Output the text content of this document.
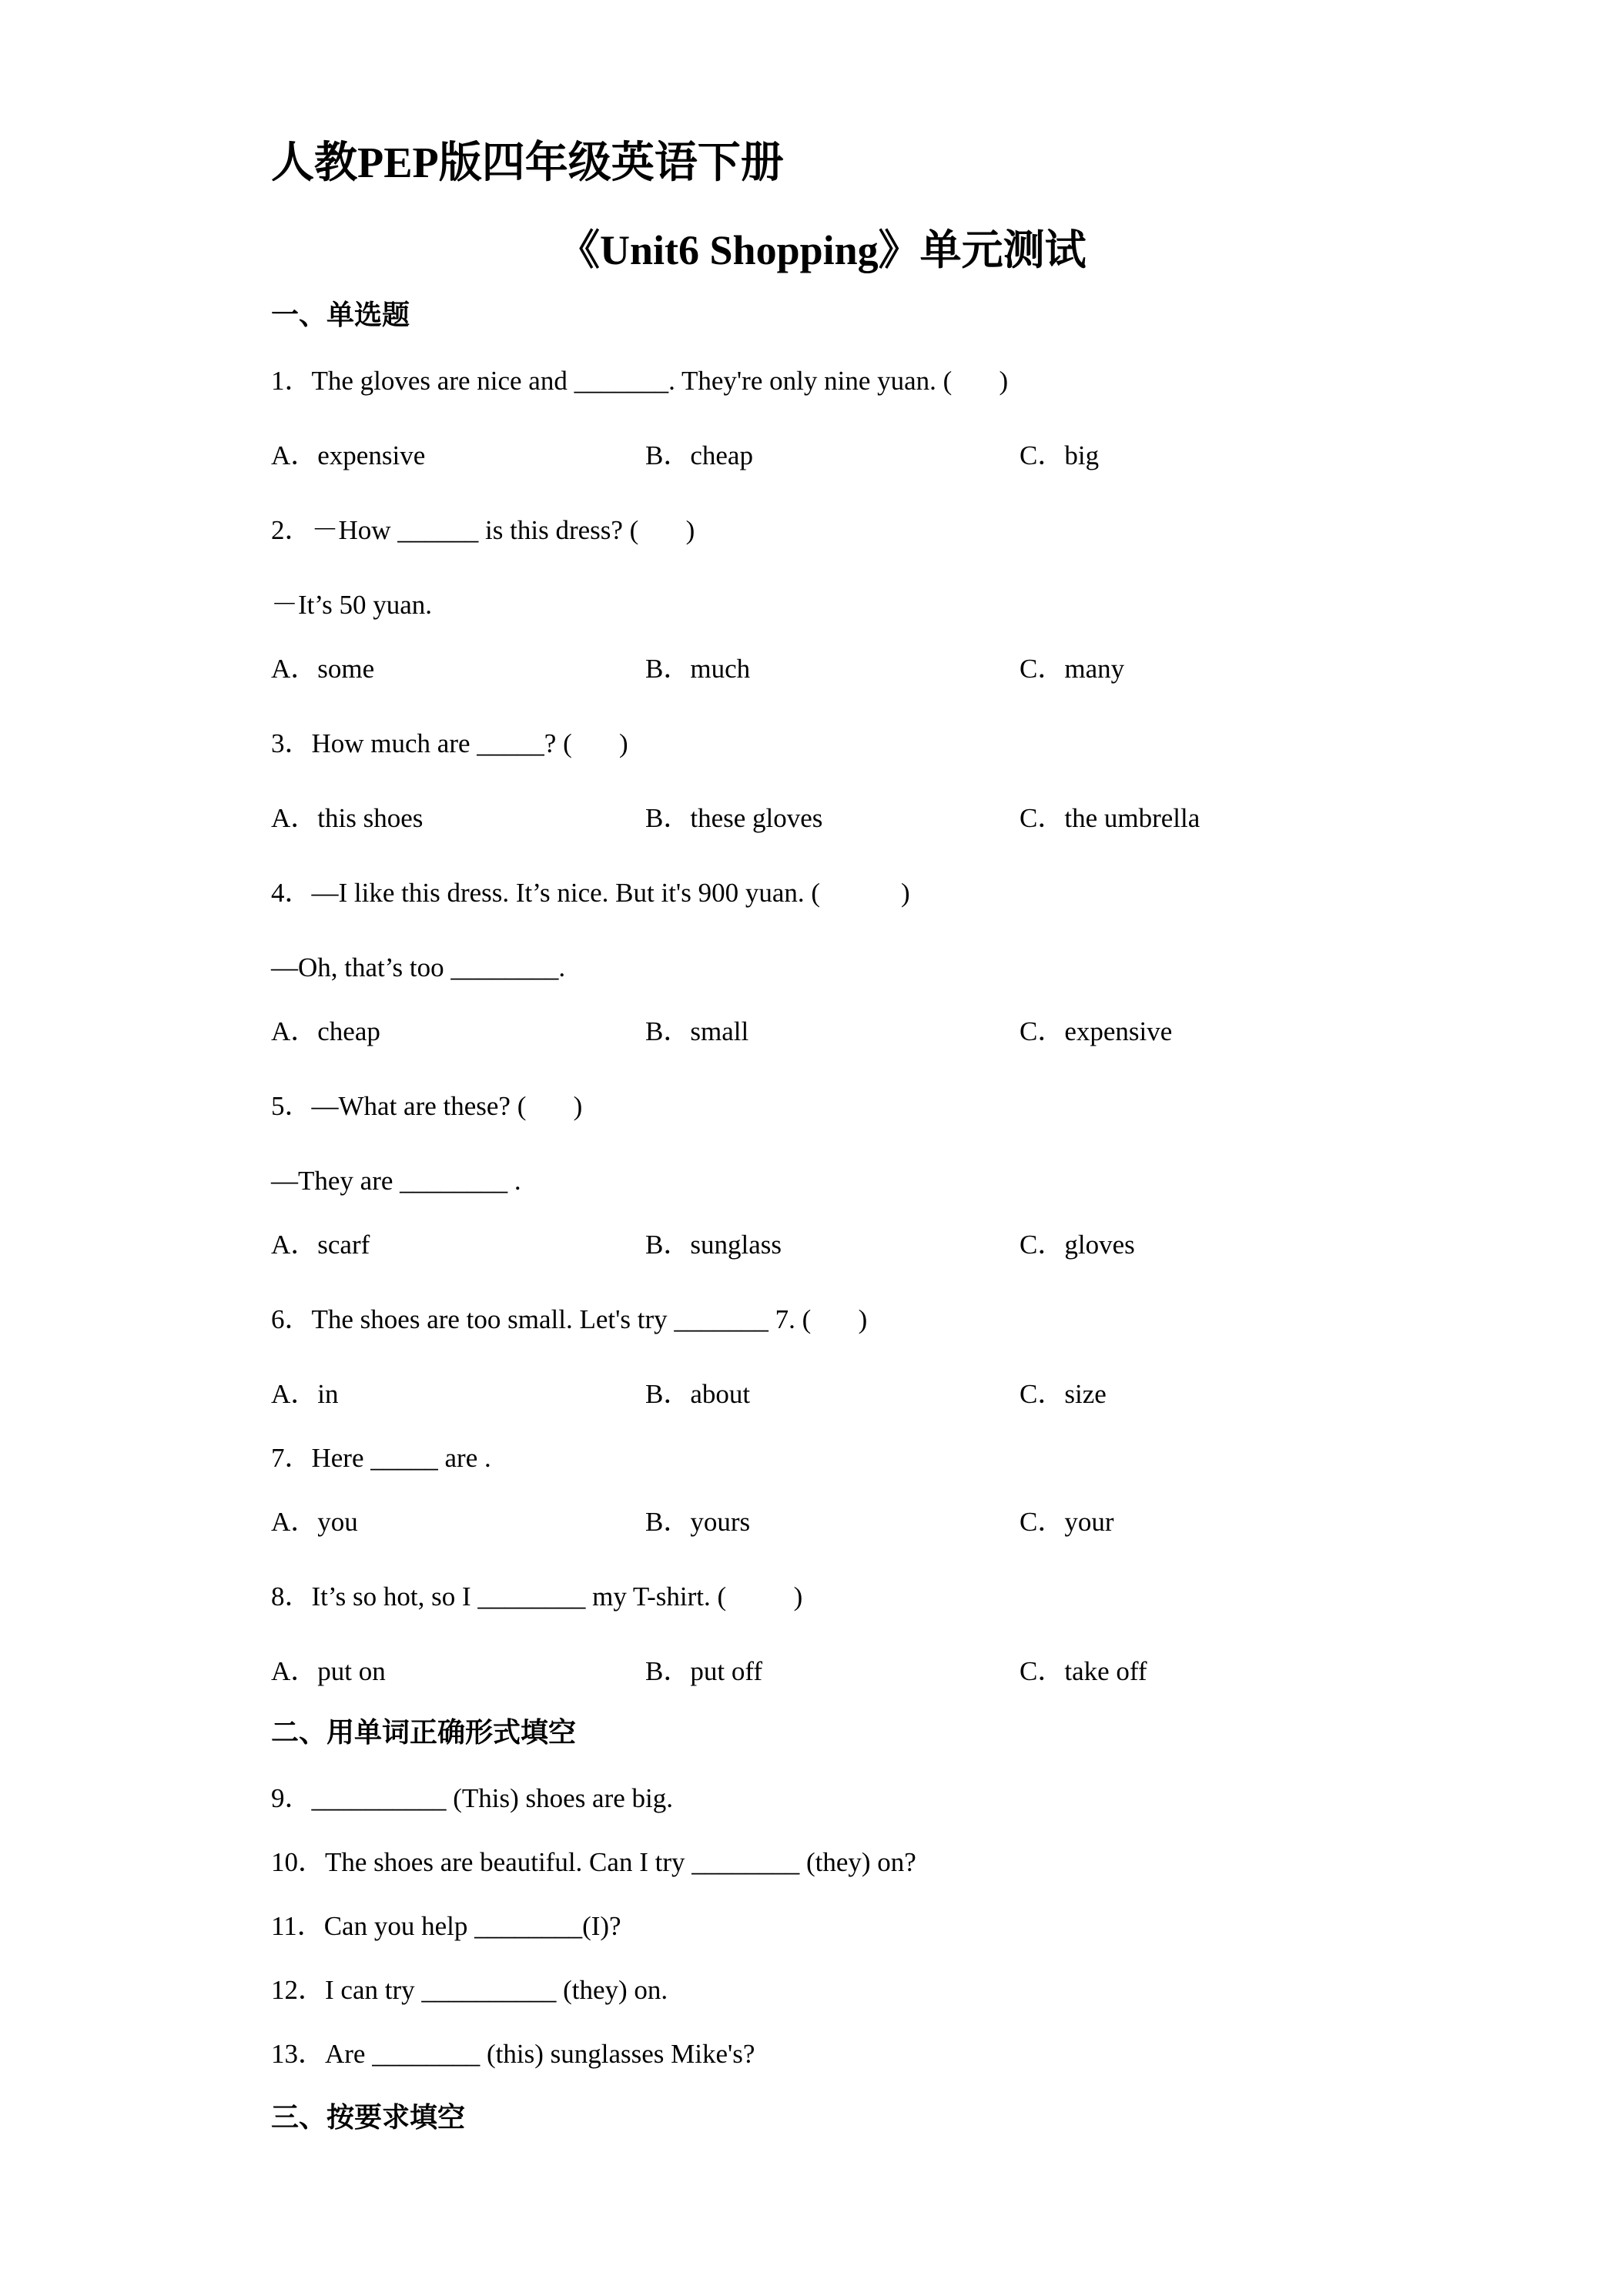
人教PEP版四年级英语下册
《Unit6 Shopping》单元测试
一、单选题
1．The gloves are nice and _______. They're only nine yuan. (       )
A．expensive	B．cheap	C．big
2．－How ______ is this dress? (       )
－It’s 50 yuan.
A．some	B．much	C．many
3．How much are _____? (       )
A．this shoes	B．these gloves	C．the umbrella
4．—I like this dress. It’s nice. But it's 900 yuan. (            )
—Oh, that’s too ________.
A．cheap	B．small	C．expensive
5．—What are these? (       )
—They are ________ .
A．scarf	B．sunglass	C．gloves
6．The shoes are too small. Let's try _______ 7. (       )
A．in	B．about	C．size
7．Here _____ are .
A．you	B．yours	C．your
8．It’s so hot, so I ________ my T-shirt. (          )
A．put on	B．put off	C．take off
二、用单词正确形式填空
9．__________ (This) shoes are big.
10．The shoes are beautiful. Can I try ________ (they) on?
11．Can you help ________(I)?
12．I can try __________ (they) on.
13．Are ________ (this) sunglasses Mike's?
三、按要求填空
